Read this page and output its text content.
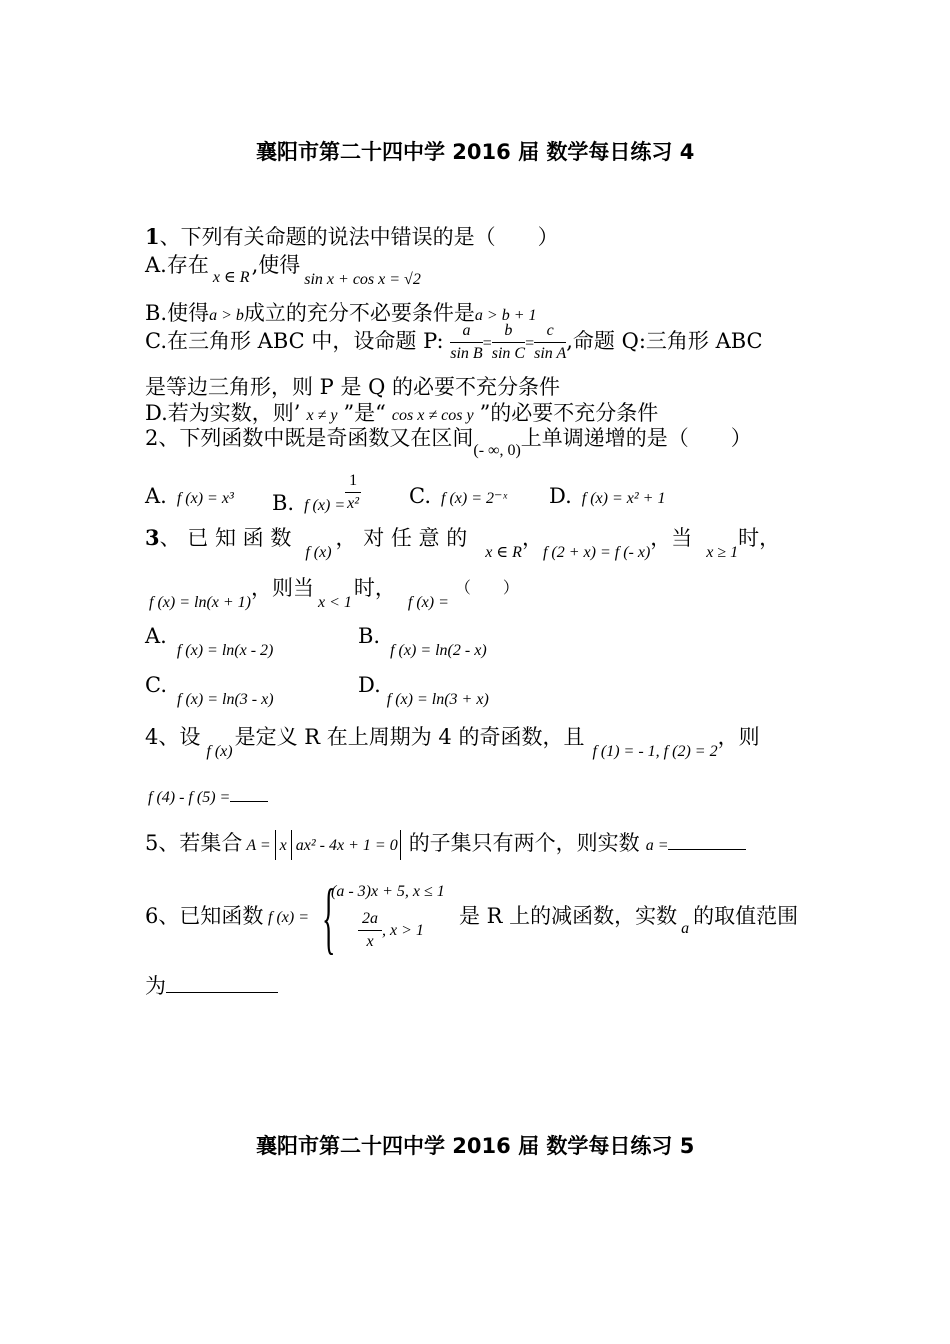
襄阳市第二十四中学 2016 届 数学每日练习 4
1、下列有关命题的说法中错误的是（　　）
A.存在$_{x \in R}$,使得$_{sin x + cos x = √2}$
B.使得a > b成立的充分不必要条件是a > b + 1
C.在三角形 ABC 中，设命题 P: $\frac{a}{\text{sin B}} = \frac{b}{\text{sin C}} = \frac{c}{\text{sin A}}$ ,命题 Q:三角形 ABC
是等边三角形，则 P 是 Q 的必要不充分条件
D.若为实数，则’ x ≠ y ”是“ cos x ≠ cos y ”的必要不充分条件
2、下列函数中既是奇函数又在区间$_{(- \infty, 0)}$上单调递增的是（　　）
A. f (x) = x³ B. $_{f (x) =} \frac{1}{\text{x²}} C$. f (x) = 2⁻ˣ D. f (x) = x² + 1
3、 已 知 函 数$_{f (x)}$， 对 任 意 的$_{x \in R}$，$_{f (2 + x) = f (- x)}$，当$_{x \ge 1}$时，
$_{f (x) = ln(x + 1)}$，则当$_{x < 1}$时，$_{f (x) =}$（　　）
$A._{f (x) = ln(x - 2)}$
$B._{f (x) = ln(2 - x)}$
$C._{f (x) = ln(3 - x)}$
$D._{f (x) = ln(3 + x)}$
4、设$_{f (x)}$是定义 R 在上周期为 4 的奇函数，且$_{f (1) = - 1, f (2) = 2}$，则
f (4) - f (5) =
5、若集合 A = x ax² - 4x + 1 = 0 的子集只有两个，则实数 a =
6、已知函数 f (x) = {
(a - 3)x + 5, x ≤ 1
$\frac{2a}{x}$ , x > 1
是 R 上的减函数，实数$_a$的取值范围
为
襄阳市第二十四中学 2016 届 数学每日练习 5
